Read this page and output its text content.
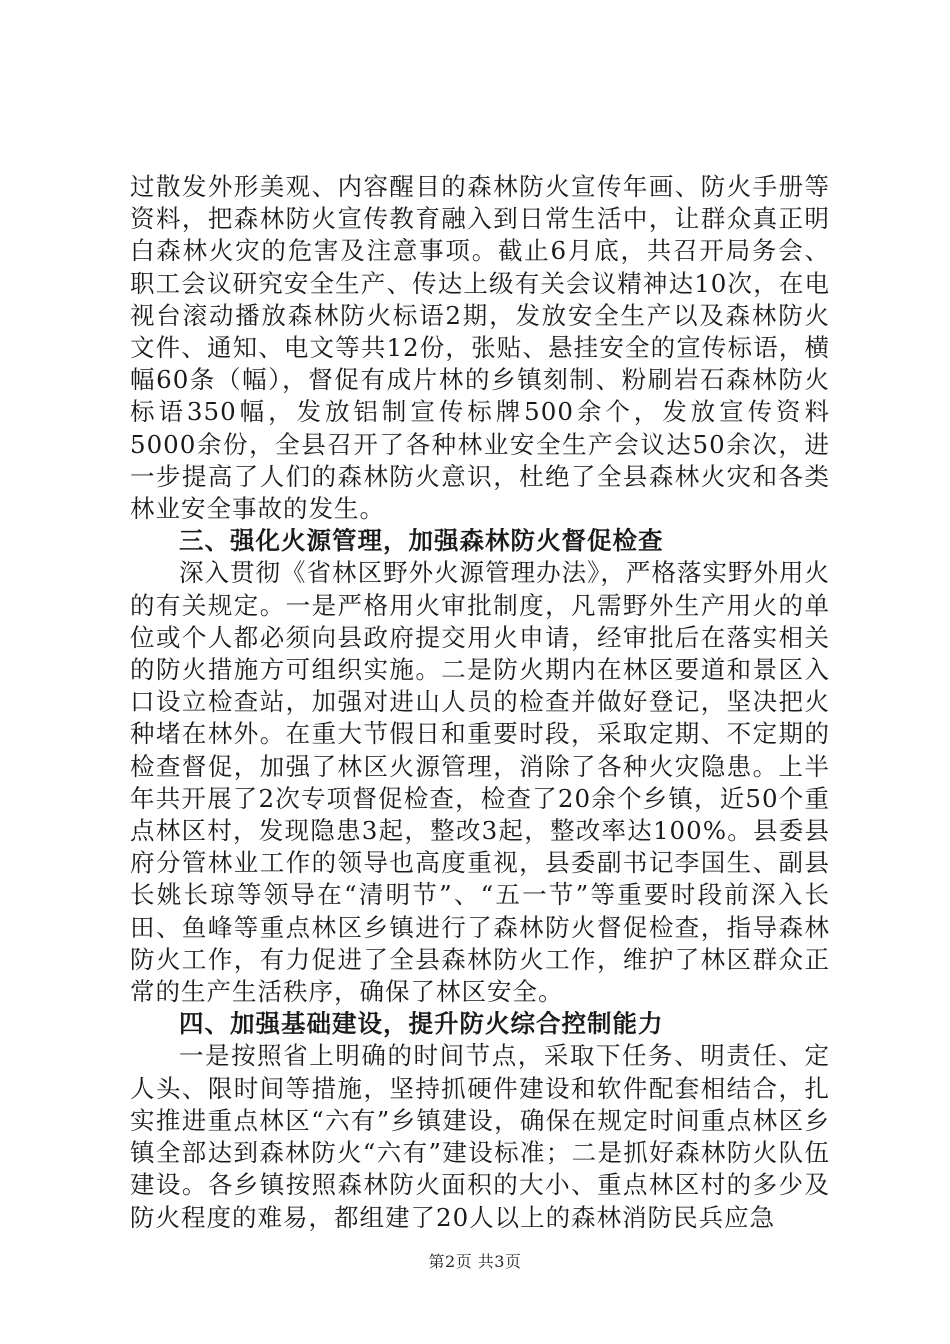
过散发外形美观、内容醒目的森林防火宣传年画、防火手册等资料，把森林防火宣传教育融入到日常生活中，让群众真正明白森林火灾的危害及注意事项。截止6月底，共召开局务会、职工会议研究安全生产、传达上级有关会议精神达10次，在电视台滚动播放森林防火标语2期，发放安全生产以及森林防火文件、通知、电文等共12份，张贴、悬挂安全的宣传标语，横幅60条（幅），督促有成片林的乡镇刻制、粉刷岩石森林防火标语350幅，发放铝制宣传标牌500余个，发放宣传资料5000余份，全县召开了各种林业安全生产会议达50余次，进一步提高了人们的森林防火意识，杜绝了全县森林火灾和各类林业安全事故的发生。

三、强化火源管理，加强森林防火督促检查

深入贯彻《省林区野外火源管理办法》，严格落实野外用火的有关规定。一是严格用火审批制度，凡需野外生产用火的单位或个人都必须向县政府提交用火申请，经审批后在落实相关的防火措施方可组织实施。二是防火期内在林区要道和景区入口设立检查站，加强对进山人员的检查并做好登记，坚决把火种堵在林外。在重大节假日和重要时段，采取定期、不定期的检查督促，加强了林区火源管理，消除了各种火灾隐患。上半年共开展了2次专项督促检查，检查了20余个乡镇，近50个重点林区村，发现隐患3起，整改3起，整改率达100%。县委县府分管林业工作的领导也高度重视，县委副书记李国生、副县长姚长琼等领导在“清明节”、“五一节”等重要时段前深入长田、鱼峰等重点林区乡镇进行了森林防火督促检查，指导森林防火工作，有力促进了全县森林防火工作，维护了林区群众正常的生产生活秩序，确保了林区安全。

四、加强基础建设，提升防火综合控制能力

一是按照省上明确的时间节点，采取下任务、明责任、定人头、限时间等措施，坚持抓硬件建设和软件配套相结合，扎实推进重点林区“六有”乡镇建设，确保在规定时间重点林区乡镇全部达到森林防火“六有”建设标准；二是抓好森林防火队伍建设。各乡镇按照森林防火面积的大小、重点林区村的多少及防火程度的难易，都组建了20人以上的森林消防民兵应急

第2页 共3页
